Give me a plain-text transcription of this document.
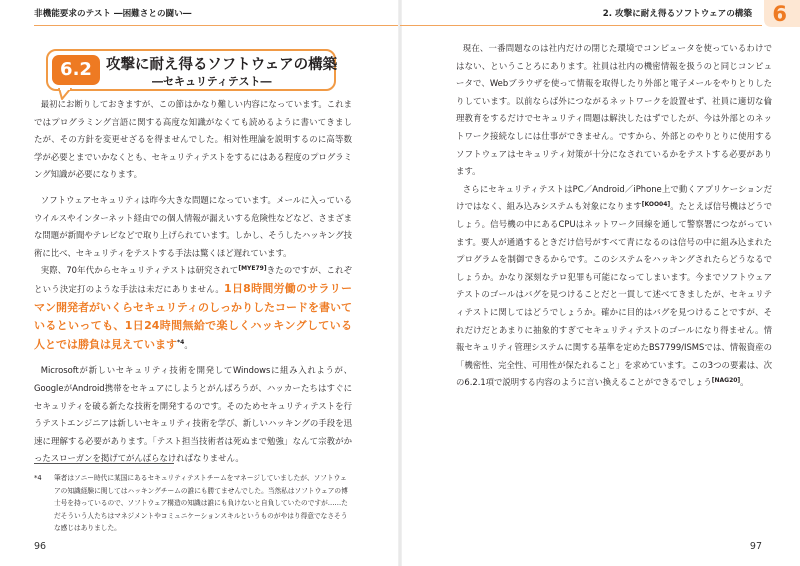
非機能要求のテスト ―困難さとの闘い―
6.2 攻撃に耐え得るソフトウェアの構築
―セキュリティテスト―

最初にお断りしておきますが、この節はかなり難しい内容になっています。これまではプログラミング言語に関する高度な知識がなくても読めるように書いてきましたが、その方針を変更せざるを得ませんでした。相対性理論を説明するのに高等数学が必要とまでいかなくとも、セキュリティテストをするにはある程度のプログラミング知識が必要になります。

ソフトウェアセキュリティは昨今大きな問題になっています。メールに入っているウイルスやインターネット経由での個人情報が漏えいする危険性などなど、さまざまな問題が新聞やテレビなどで取り上げられています。しかし、そうしたハッキング技術に比べ、セキュリティをテストする手法は驚くほど遅れています。

実際、70年代からセキュリティテストは研究されて[MYE79]きたのですが、これぞという決定打のような手法は未だにありません。1日8時間労働のサラリーマン開発者がいくらセキュリティのしっかりしたコードを書いているといっても、1日24時間無給で楽しくハッキングしている人とでは勝負は見えています$^{*4}$。

Microsoftが新しいセキュリティ技術を開発してWindowsに組み入れようが、GoogleがAndroid携帯をセキュアにしようとがんばろうが、ハッカーたちはすぐにセキュリティを破る新たな技術を開発するのです。そのためセキュリティテストを行うテストエンジニアは新しいセキュリティ技術を学び、新しいハッキングの手段を迅速に理解する必要があります。「テスト担当技術者は死ぬまで勉強」なんて宗教がかったスローガンを掲げてがんばらなければなりません。

*4 筆者はソニー時代に某国にあるセキュリティテストチームをマネージしていましたが、ソフトウェアの知識経験に関してはハッキングチームの誰にも勝てませんでした。当然私はソフトウェアの博士号を持っているので、ソフトウェア構造の知識は誰にも負けないと自負していたのですが……ただそういう人たちはマネジメントやコミュニケーションスキルというものがやはり得意でなさそうな感じはありました。
96
2. 攻撃に耐え得るソフトウェアの構築 6

現在、一番問題なのは社内だけの閉じた環境でコンピュータを使っているわけではない、ということろにあります。社員は社内の機密情報を扱うのと同じコンピュータで、Webブラウザを使って情報を取得したり外部と電子メールをやりとりしたりしています。以前ならば外につながるネットワークを設置せず、社員に適切な倫理教育をするだけでセキュリティ問題は解決したはずでしたが、今は外部とのネットワーク接続なしには仕事ができません。ですから、外部とのやりとりに使用するソフトウェアはセキュリティ対策が十分になされているかをテストする必要があります。

さらにセキュリティテストはPC／Android／iPhone上で動くアプリケーションだけではなく、組み込みシステムも対象になります[KOO04]。たとえば信号機はどうでしょう。信号機の中にあるCPUはネットワーク回線を通して警察署につながっています。要人が通過するときだけ信号がすべて青になるのは信号の中に組み込まれたプログラムを制御できるからです。このシステムをハッキングされたらどうなるでしょうか。かなり深刻なテロ犯罪も可能になってしまいます。今までソフトウェアテストのゴールはバグを見つけることだと一貫して述べてきましたが、セキュリティテストに関してはどうでしょうか。確かに目的はバグを見つけることですが、それだけだとあまりに抽象的すぎてセキュリティテストのゴールになり得ません。情報セキュリティ管理システムに関する基準を定めたBS7799/ISMSでは、情報資産の「機密性、完全性、可用性が保たれること」を求めています。この3つの要素は、次の6.2.1項で説明する内容のように言い換えることができるでしょう[NAG20]。

97
